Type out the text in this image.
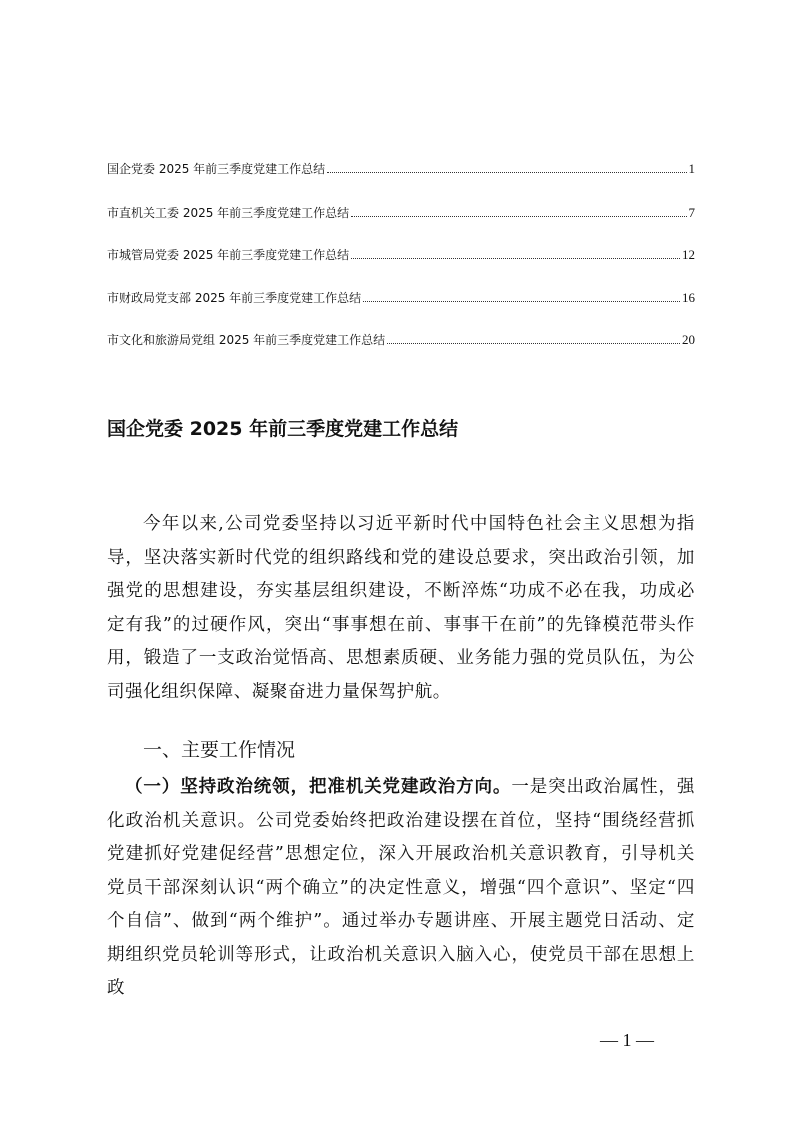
国企党委 2025 年前三季度党建工作总结	1
市直机关工委 2025 年前三季度党建工作总结	7
市城管局党委 2025 年前三季度党建工作总结	12
市财政局党支部 2025 年前三季度党建工作总结	16
市文化和旅游局党组 2025 年前三季度党建工作总结	20
国企党委 2025 年前三季度党建工作总结

今年以来,公司党委坚持以习近平新时代中国特色社会主义思想为指导，坚决落实新时代党的组织路线和党的建设总要求，突出政治引领，加强党的思想建设，夯实基层组织建设，不断淬炼“功成不必在我，功成必定有我”的过硬作风，突出“事事想在前、事事干在前”的先锋模范带头作用，锻造了一支政治觉悟高、思想素质硬、业务能力强的党员队伍，为公司强化组织保障、凝聚奋进力量保驾护航。

一、主要工作情况

（一）坚持政治统领，把准机关党建政治方向。一是突出政治属性，强化政治机关意识。公司党委始终把政治建设摆在首位，坚持“围绕经营抓党建抓好党建促经营”思想定位，深入开展政治机关意识教育，引导机关党员干部深刻认识“两个确立”的决定性意义，增强“四个意识”、坚定“四个自信”、做到“两个维护”。通过举办专题讲座、开展主题党日活动、定期组织党员轮训等形式，让政治机关意识入脑入心，使党员干部在思想上政

— 1 —
